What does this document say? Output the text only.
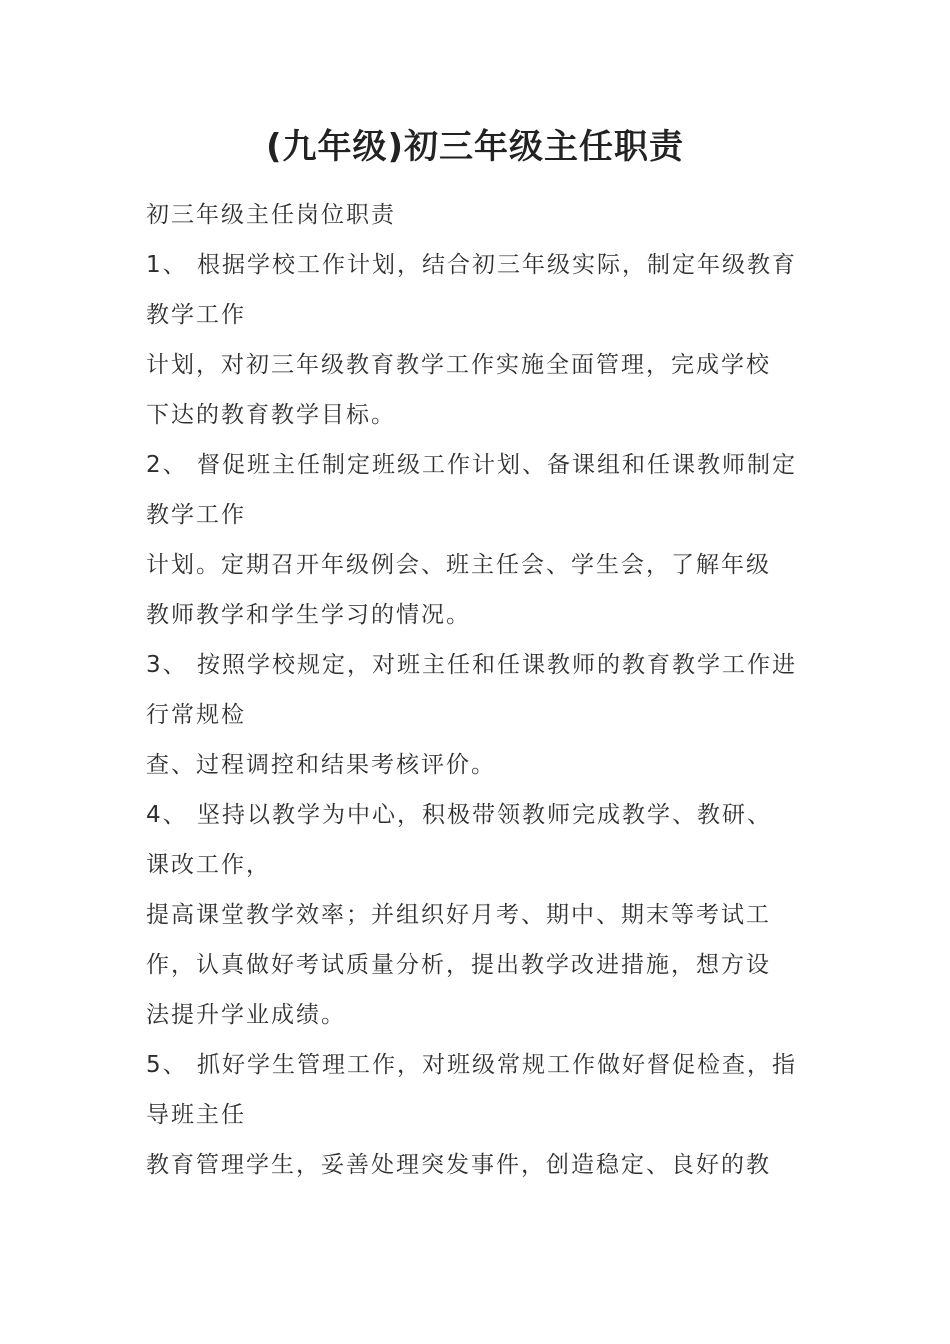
(九年级)初三年级主任职责
初三年级主任岗位职责
1、 根据学校工作计划，结合初三年级实际，制定年级教育
教学工作
计划，对初三年级教育教学工作实施全面管理，完成学校
下达的教育教学目标。
2、 督促班主任制定班级工作计划、备课组和任课教师制定
教学工作
计划。定期召开年级例会、班主任会、学生会，了解年级
教师教学和学生学习的情况。
3、 按照学校规定，对班主任和任课教师的教育教学工作进
行常规检
查、过程调控和结果考核评价。
4、 坚持以教学为中心，积极带领教师完成教学、教研、
课改工作，
提高课堂教学效率；并组织好月考、期中、期末等考试工
作，认真做好考试质量分析，提出教学改进措施，想方设
法提升学业成绩。
5、 抓好学生管理工作，对班级常规工作做好督促检查，指
导班主任
教育管理学生，妥善处理突发事件，创造稳定、良好的教
